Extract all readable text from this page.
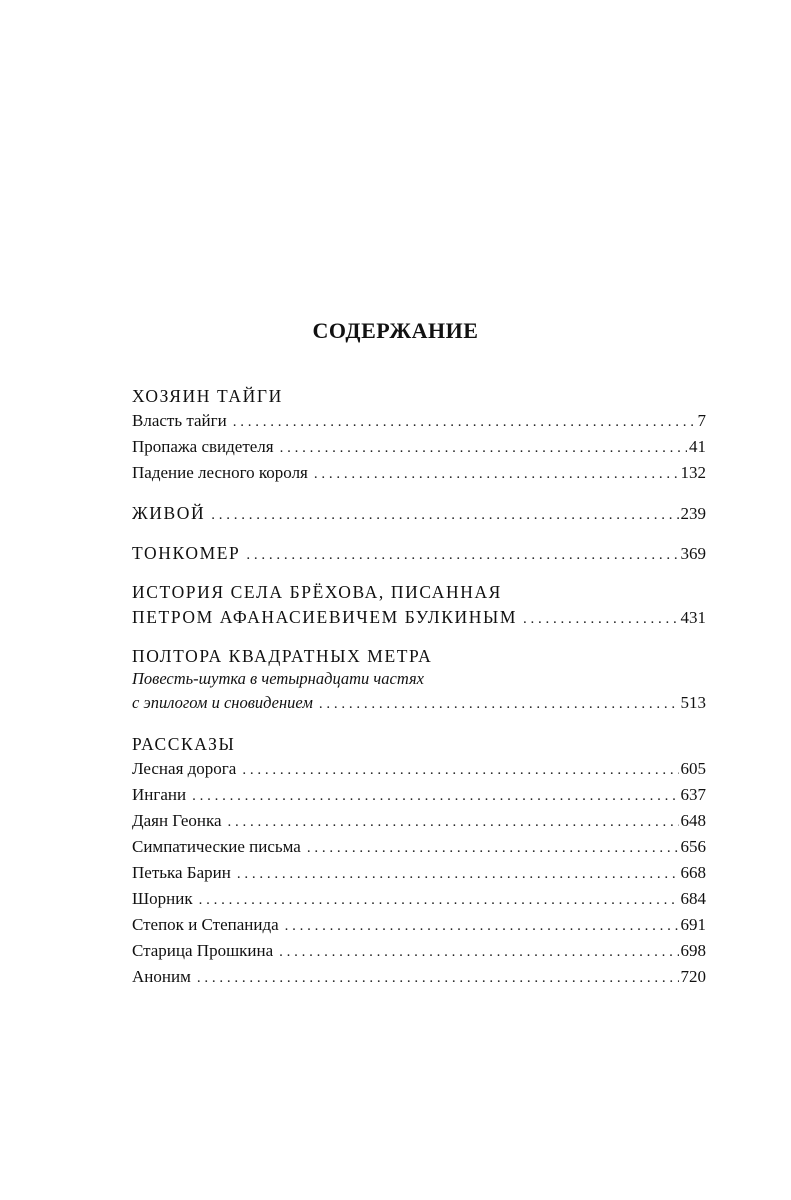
СОДЕРЖАНИЕ
ХОЗЯИН ТАЙГИ
Власть тайги . . .	7
Пропажа свидетеля . . .	41
Падение лесного короля . . .	132
ЖИВОЙ . . .	239
ТОНКОМЕР . . .	369
ИСТОРИЯ СЕЛА БРЁХОВА, ПИСАННАЯ
ПЕТРОМ АФАНАСИЕВИЧЕМ БУЛКИНЫМ . . .	431
ПОЛТОРА КВАДРАТНЫХ МЕТРА
Повесть-шутка в четырнадцати частях
с эпилогом и сновидением . . .	513
РАССКАЗЫ
Лесная дорога . . .	605
Ингани . . .	637
Даян Геонка . . .	648
Симпатические письма . . .	656
Петька Барин . . .	668
Шорник . . .	684
Степок и Степанида . . .	691
Старица Прошкина . . .	698
Аноним . . .	720
